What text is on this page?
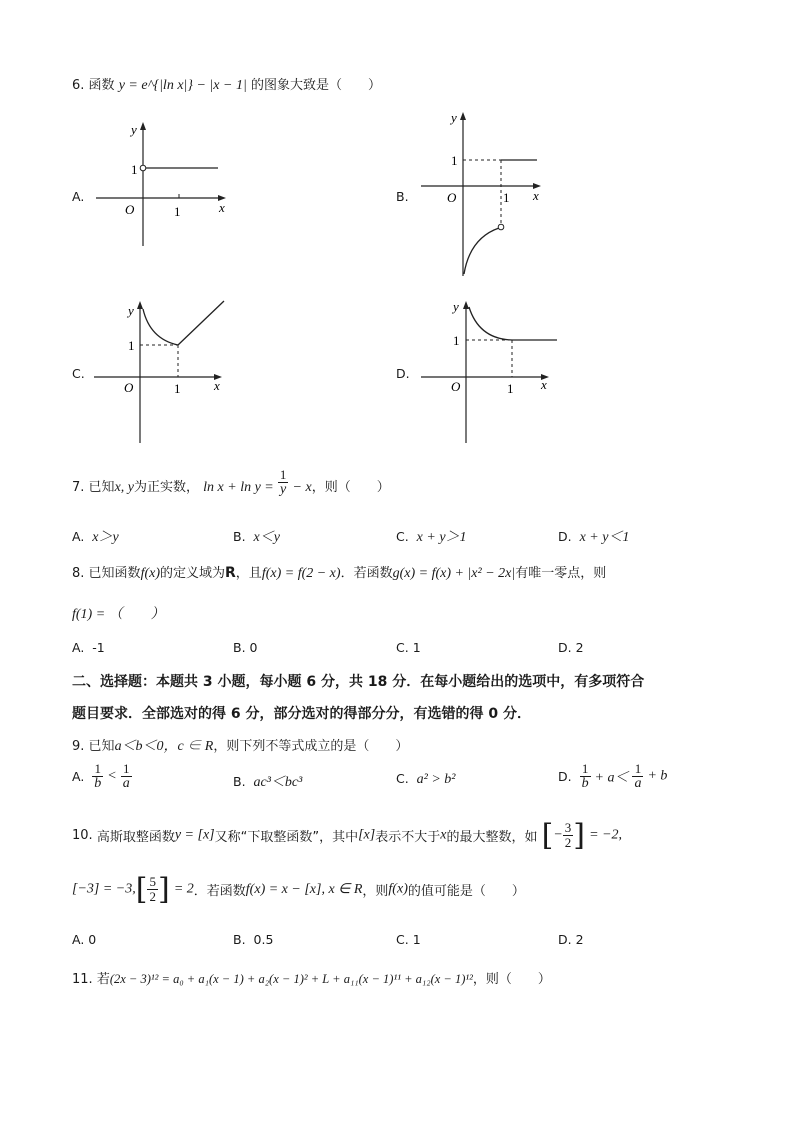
6. 函数 y = e^{|ln x|} − |x − 1| 的图象大致是（　　）
A.
y
1
O	1	x
B.
y
1
O	1 x
C.
y
1
O	1	x
D.
y
1
O	1 x
7. 已知x, y为正实数， $\ln x + \ln y = \frac{1}{y} - x$，则（　　）
A. x＞y	B. x＜y	C. x + y＞1	D. x + y＜1
8. 已知函数f(x)的定义域为R，且f(x) = f(2 − x)．若函数g(x) = f(x) + |x² − 2x|有唯一零点，则
f(1) = （　　）
A. -1	B. 0	C. 1	D. 2
二、选择题：本题共 3 小题，每小题 6 分，共 18 分．在每小题给出的选项中，有多项符合
题目要求．全部选对的得 6 分，部分选对的得部分分，有选错的得 0 分．
9. 已知a＜b＜0，c ∈ R，则下列不等式成立的是（　　）
A. $\frac{1}{b} < \frac{1}{a}$	B. ac³＜bc³	C. a² > b²	D. $\frac{1}{b} + a< \frac{1}{a} + b$
10. 高斯取整函数y = [x]又称“下取整函数”，其中[x]表示不大于x的最大整数，如 [− $\frac{3}{2}$ ] = −2,
$[-3] = -3,[ \frac{5}{2}$ ] = 2．若函数f(x) = x − [x], x ∈ R，则f(x)的值可能是（　　）
A. 0	B. 0.5	C. 1	D. 2
11. 若(2x − 3)¹² = a₀ + a₁(x − 1) + a₂(x − 1)² + L + a₁₁(x − 1)¹¹ + a₁₂(x − 1)¹²，则（　　）
